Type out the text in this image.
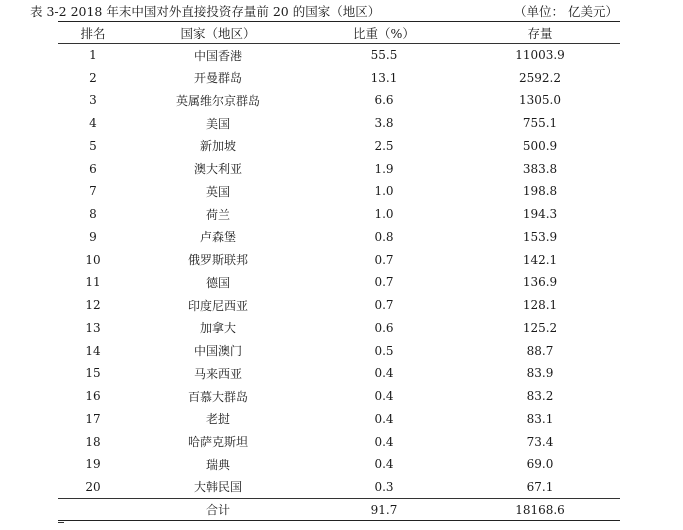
表 3-2 2018 年末中国对外直接投资存量前 20 的国家（地区）	（单位： 亿美元）
排名	国家（地区）	比重（%）	存量
1	中国香港	55.5	11003.9
2	开曼群岛	13.1	2592.2
3	英属维尔京群岛	6.6	1305.0
4	美国	3.8	755.1
5	新加坡	2.5	500.9
6	澳大利亚	1.9	383.8
7	英国	1.0	198.8
8	荷兰	1.0	194.3
9	卢森堡	0.8	153.9
10	俄罗斯联邦	0.7	142.1
11	德国	0.7	136.9
12	印度尼西亚	0.7	128.1
13	加拿大	0.6	125.2
14	中国澳门	0.5	88.7
15	马来西亚	0.4	83.9
16	百慕大群岛	0.4	83.2
17	老挝	0.4	83.1
18	哈萨克斯坦	0.4	73.4
19	瑞典	0.4	69.0
20	大韩民国	0.3	67.1
	合计	91.7	18168.6
